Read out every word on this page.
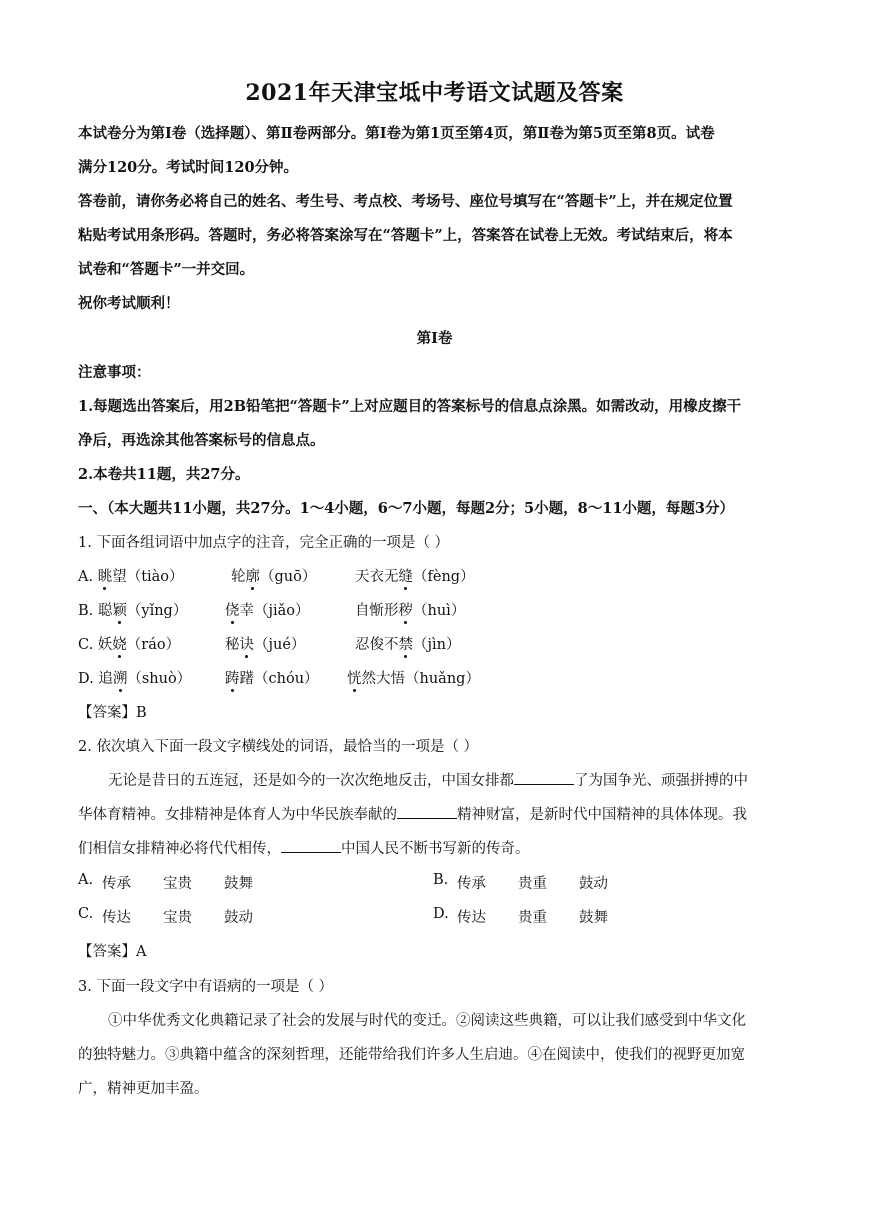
2021年天津宝坻中考语文试题及答案
本试卷分为第Ⅰ卷（选择题）、第Ⅱ卷两部分。第Ⅰ卷为第1页至第4页，第Ⅱ卷为第5页至第8页。试卷
满分120分。考试时间120分钟。
答卷前，请你务必将自己的姓名、考生号、考点校、考场号、座位号填写在“答题卡”上，并在规定位置
粘贴考试用条形码。答题时，务必将答案涂写在“答题卡”上，答案答在试卷上无效。考试结束后，将本
试卷和“答题卡”一并交回。
祝你考试顺利！
第Ⅰ卷
注意事项：
1.每题选出答案后，用2B铅笔把“答题卡”上对应题目的答案标号的信息点涂黑。如需改动，用橡皮擦干
净后，再选涂其他答案标号的信息点。
2.本卷共11题，共27分。
一、（本大题共11小题，共27分。1～4小题，6～7小题，每题2分；5小题，8～11小题，每题3分）
1. 下面各组词语中加点字的注音，完全正确的一项是（ ）
A. 眺望（tiào）	轮廓（guō）	天衣无缝（fèng）
B. 聪颖（yǐng）	侥幸（jiǎo）	自惭形秽（huì）
C. 妖娆（ráo）	秘诀（jué）	忍俊不禁（jìn）
D. 追溯（shuò） 踌躇（chóu） 恍然大悟（huǎng）
【答案】B
2. 依次填入下面一段文字横线处的词语，最恰当的一项是（ ）
无论是昔日的五连冠，还是如今的一次次绝地反击，中国女排都	了为国争光、顽强拼搏的中
华体育精神。女排精神是体育人为中华民族奉献的	精神财富，是新时代中国精神的具体体现。我
们相信女排精神必将代代相传，	中国人民不断书写新的传奇。
A. 传承 宝贵 鼓舞	B. 传承 贵重 鼓动
C. 传达 宝贵 鼓动	D. 传达 贵重 鼓舞
【答案】A
3. 下面一段文字中有语病的一项是（ ）
①中华优秀文化典籍记录了社会的发展与时代的变迁。②阅读这些典籍，可以让我们感受到中华文化
的独特魅力。③典籍中蕴含的深刻哲理，还能带给我们许多人生启迪。④在阅读中，使我们的视野更加宽
广，精神更加丰盈。
